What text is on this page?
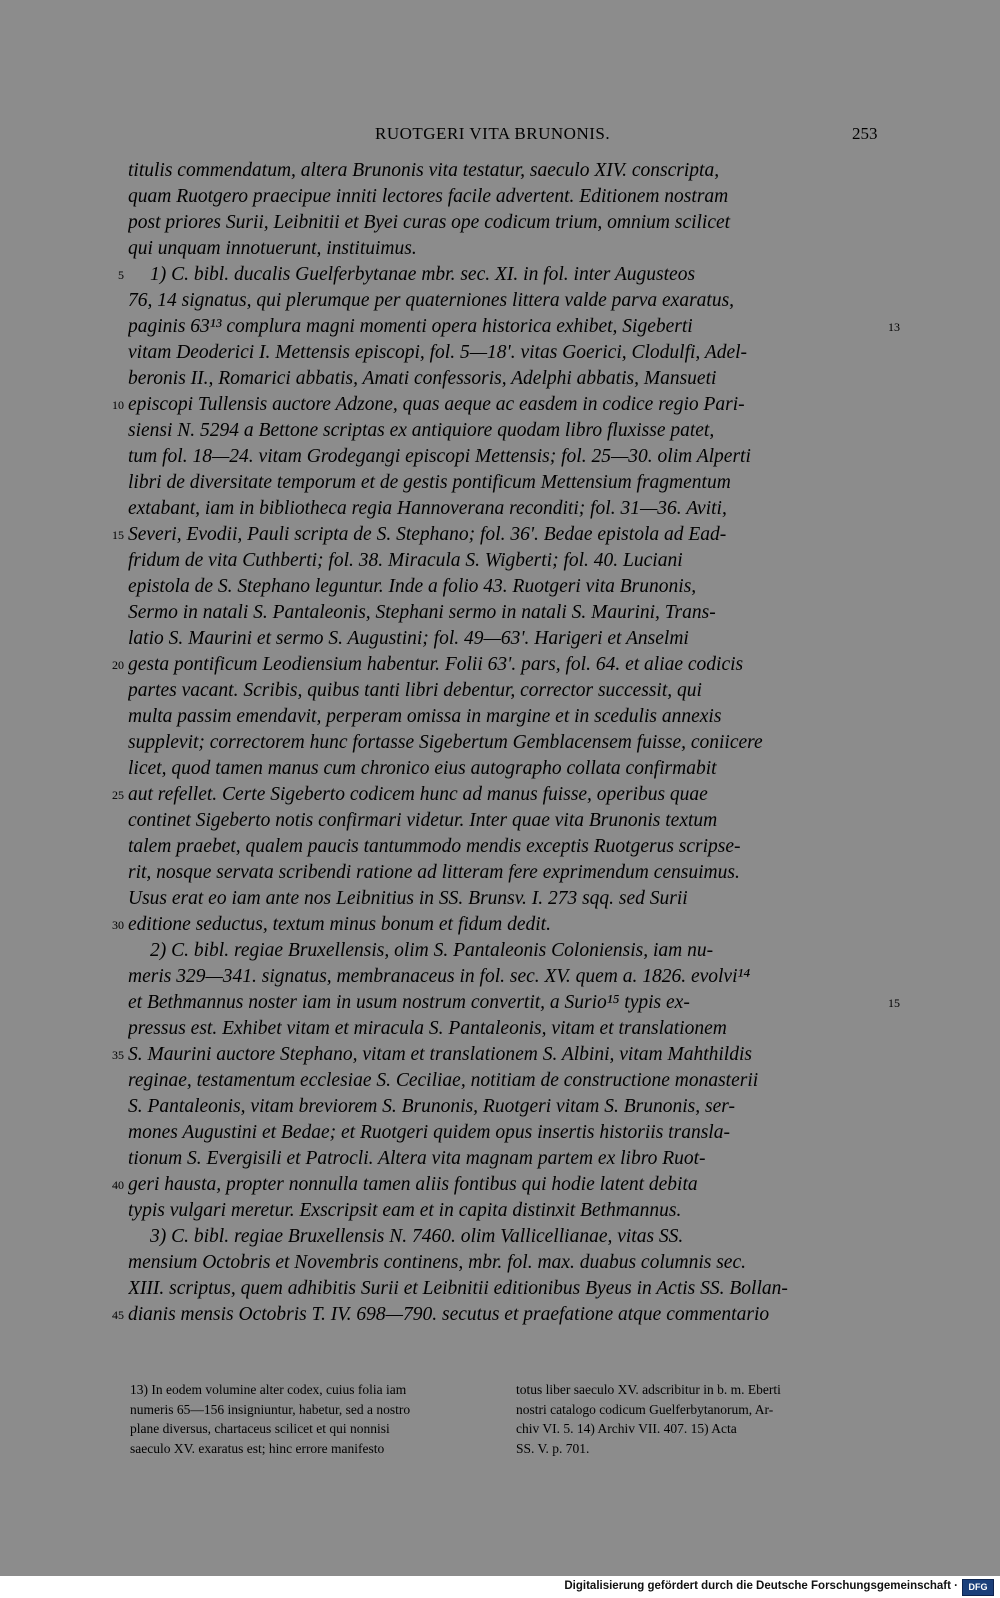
RUOTGERI VITA BRUNONIS.	253
titulis commendatum, altera Brunonis vita testatur, saeculo XIV. conscripta,
quam Ruotgero praecipue inniti lectores facile advertent. Editionem nostram
post priores Surii, Leibnitii et Byei curas ope codicum trium, omnium scilicet
qui unquam innotuerunt, instituimus.
1) C. bibl. ducalis Guelferbytanae mbr. sec. XI. in fol. inter Augusteos
5
76, 14 signatus, qui plerumque per quaterniones littera valde parva exaratus,
paginis 63¹³ complura magni momenti opera historica exhibet, Sigeberti	13
vitam Deoderici I. Mettensis episcopi, fol. 5—18'. vitas Goerici, Clodulfi, Adel-
beronis II., Romarici abbatis, Amati confessoris, Adelphi abbatis, Mansueti
episcopi Tullensis auctore Adzone, quas aeque ac easdem in codice regio Pari-
10
siensi N. 5294 a Bettone scriptas ex antiquiore quodam libro fluxisse patet,
tum fol. 18—24. vitam Grodegangi episcopi Mettensis; fol. 25—30. olim Alperti
libri de diversitate temporum et de gestis pontificum Mettensium fragmentum
extabant, iam in bibliotheca regia Hannoverana reconditi; fol. 31—36. Aviti,
Severi, Evodii, Pauli scripta de S. Stephano; fol. 36'. Bedae epistola ad Ead-
15
fridum de vita Cuthberti; fol. 38. Miracula S. Wigberti; fol. 40. Luciani
epistola de S. Stephano leguntur. Inde a folio 43. Ruotgeri vita Brunonis,
Sermo in natali S. Pantaleonis, Stephani sermo in natali S. Maurini, Trans-
latio S. Maurini et sermo S. Augustini; fol. 49—63'. Harigeri et Anselmi
gesta pontificum Leodiensium habentur. Folii 63'. pars, fol. 64. et aliae codicis
20
partes vacant. Scribis, quibus tanti libri debentur, corrector successit, qui
multa passim emendavit, perperam omissa in margine et in scedulis annexis
supplevit; correctorem hunc fortasse Sigebertum Gemblacensem fuisse, coniicere
licet, quod tamen manus cum chronico eius autographo collata confirmabit
aut refellet. Certe Sigeberto codicem hunc ad manus fuisse, operibus quae
25
continet Sigeberto notis confirmari videtur. Inter quae vita Brunonis textum
talem praebet, qualem paucis tantummodo mendis exceptis Ruotgerus scripse-
rit, nosque servata scribendi ratione ad litteram fere exprimendum censuimus.
Usus erat eo iam ante nos Leibnitius in SS. Brunsv. I. 273 sqq. sed Surii
editione seductus, textum minus bonum et fidum dedit.
30
2) C. bibl. regiae Bruxellensis, olim S. Pantaleonis Coloniensis, iam nu-
meris 329—341. signatus, membranaceus in fol. sec. XV. quem a. 1826. evolvi¹⁴
et Bethmannus noster iam in usum nostrum convertit, a Surio¹⁵ typis ex-	15
pressus est. Exhibet vitam et miracula S. Pantaleonis, vitam et translationem
S. Maurini auctore Stephano, vitam et translationem S. Albini, vitam Mahthildis
35
reginae, testamentum ecclesiae S. Ceciliae, notitiam de constructione monasterii
S. Pantaleonis, vitam breviorem S. Brunonis, Ruotgeri vitam S. Brunonis, ser-
mones Augustini et Bedae; et Ruotgeri quidem opus insertis historiis transla-
tionum S. Evergisili et Patrocli. Altera vita magnam partem ex libro Ruot-
geri hausta, propter nonnulla tamen aliis fontibus qui hodie latent debita
40
typis vulgari meretur. Exscripsit eam et in capita distinxit Bethmannus.
3) C. bibl. regiae Bruxellensis N. 7460. olim Vallicellianae, vitas SS.
mensium Octobris et Novembris continens, mbr. fol. max. duabus columnis sec.
XIII. scriptus, quem adhibitis Surii et Leibnitii editionibus Byeus in Actis SS. Bollan-
dianis mensis Octobris T. IV. 698—790. secutus et praefatione atque commentario
45
13) In eodem volumine alter codex, cuius folia iam
numeris 65—156 insigniuntur, habetur, sed a nostro
plane diversus, chartaceus scilicet et qui nonnisi
saeculo XV. exaratus est; hinc errore manifesto
totus liber saeculo XV. adscribitur in b. m. Eberti
nostri catalogo codicum Guelferbytanorum, Ar-
chiv VI. 5. 14) Archiv VII. 407. 15) Acta
SS. V. p. 701.
Digitalisierung gefördert durch die Deutsche Forschungsgemeinschaft ·	DFG
